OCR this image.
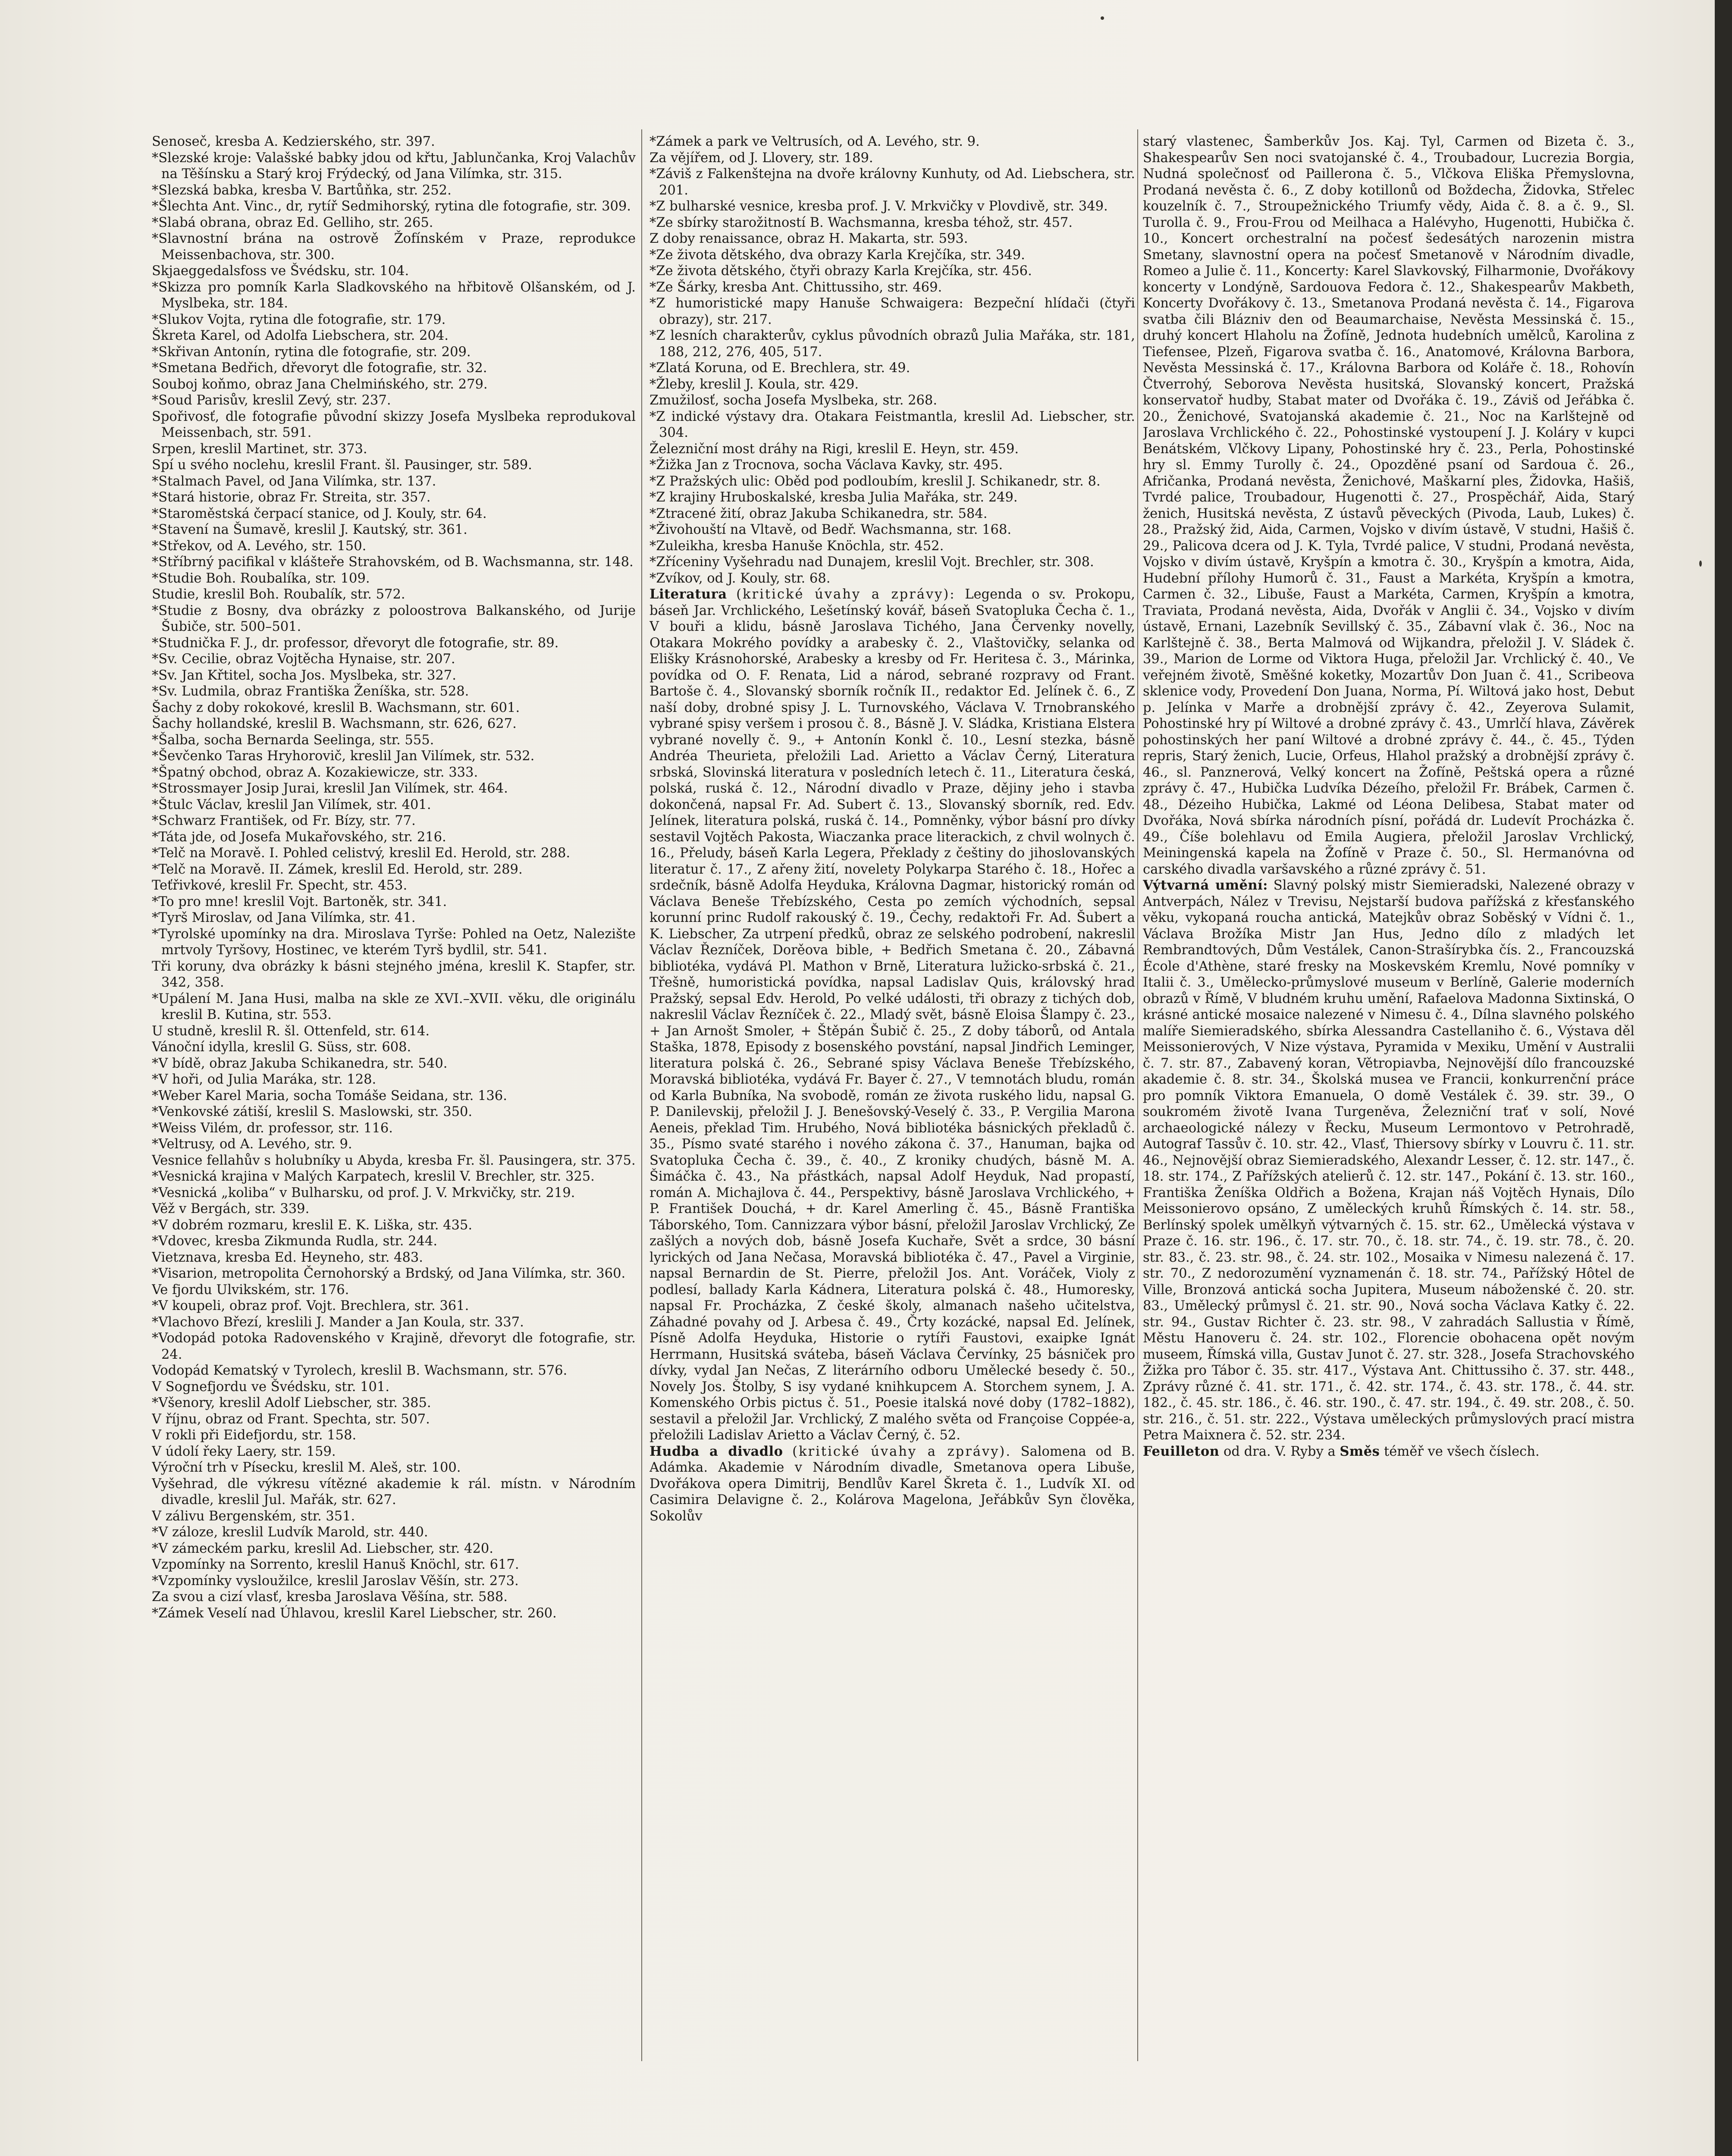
Senoseč, kresba A. Kedzierského, str. 397.

*Slezské kroje: Valašské babky jdou od křtu, Jablunčanka, Kroj Valachův na Těšínsku a Starý kroj Frýdecký, od Jana Vilímka, str. 315.

*Slezská babka, kresba V. Bartůňka, str. 252.

*Šlechta Ant. Vinc., dr, rytíř Sedmihorský, rytina dle fotografie, str. 309.

*Slabá obrana, obraz Ed. Gelliho, str. 265.

*Slavnostní brána na ostrově Žofínském v Praze, reprodukce Meissenbachova, str. 300.

Skjaeggedalsfoss ve Švédsku, str. 104.

*Skizza pro pomník Karla Sladkovského na hřbitově Olšanském, od J. Myslbeka, str. 184.

*Slukov Vojta, rytina dle fotografie, str. 179.

Škreta Karel, od Adolfa Liebschera, str. 204.

*Skřivan Antonín, rytina dle fotografie, str. 209.

*Smetana Bedřich, dřevoryt dle fotografie, str. 32.

Souboj koňmo, obraz Jana Chelmińského, str. 279.

*Soud Parisův, kreslil Zevý, str. 237.

Spořivosť, dle fotografie původní skizzy Josefa Myslbeka reprodukoval Meissenbach, str. 591.

Srpen, kreslil Martinet, str. 373.

Spí u svého noclehu, kreslil Frant. šl. Pausinger, str. 589.

*Stalmach Pavel, od Jana Vilímka, str. 137.

*Stará historie, obraz Fr. Streita, str. 357.

*Staroměstská čerpací stanice, od J. Kouly, str. 64.

*Stavení na Šumavě, kreslil J. Kautský, str. 361.

*Střekov, od A. Levého, str. 150.

*Stříbrný pacifikal v klášteře Strahovském, od B. Wachsmanna, str. 148.

*Studie Boh. Roubalíka, str. 109.

Studie, kreslil Boh. Roubalík, str. 572.

*Studie z Bosny, dva obrázky z poloostrova Balkanského, od Jurije Šubiče, str. 500–501.

*Studnička F. J., dr. professor, dřevoryt dle fotografie, str. 89.

*Sv. Cecilie, obraz Vojtěcha Hynaise, str. 207.

*Sv. Jan Křtitel, socha Jos. Myslbeka, str. 327.

*Sv. Ludmila, obraz Františka Ženíška, str. 528.

Šachy z doby rokokové, kreslil B. Wachsmann, str. 601.

Šachy hollandské, kreslil B. Wachsmann, str. 626, 627.

*Šalba, socha Bernarda Seelinga, str. 555.

*Ševčenko Taras Hryhorovič, kreslil Jan Vilímek, str. 532.

*Špatný obchod, obraz A. Kozakiewicze, str. 333.

*Strossmayer Josip Jurai, kreslil Jan Vilímek, str. 464.

*Štulc Václav, kreslil Jan Vilímek, str. 401.

*Schwarz František, od Fr. Bízy, str. 77.

*Táta jde, od Josefa Mukařovského, str. 216.

*Telč na Moravě. I. Pohled celistvý, kreslil Ed. Herold, str. 288.

*Telč na Moravě. II. Zámek, kreslil Ed. Herold, str. 289.

Teťřivkové, kreslil Fr. Specht, str. 453.

*To pro mne! kreslil Vojt. Bartoněk, str. 341.

*Tyrš Miroslav, od Jana Vilímka, str. 41.

*Tyrolské upomínky na dra. Miroslava Tyrše: Pohled na Oetz, Nalezište mrtvoly Tyršovy, Hostinec, ve kterém Tyrš bydlil, str. 541.

Tři koruny, dva obrázky k básni stejného jména, kreslil K. Stapfer, str. 342, 358.

*Upálení M. Jana Husi, malba na skle ze XVI.–XVII. věku, dle originálu kreslil B. Kutina, str. 553.

U studně, kreslil R. šl. Ottenfeld, str. 614.

Vánoční idylla, kreslil G. Süss, str. 608.

*V bídě, obraz Jakuba Schikanedra, str. 540.

*V hoři, od Julia Maráka, str. 128.

*Weber Karel Maria, socha Tomáše Seidana, str. 136.

*Venkovské zátiší, kreslil S. Maslowski, str. 350.

*Weiss Vilém, dr. professor, str. 116.

*Veltrusy, od A. Levého, str. 9.

Vesnice fellahův s holubníky u Abyda, kresba Fr. šl. Pausingera, str. 375.

*Vesnická krajina v Malých Karpatech, kreslil V. Brechler, str. 325.

*Vesnická „koliba“ v Bulharsku, od prof. J. V. Mrkvičky, str. 219.

Věž v Bergách, str. 339.

*V dobrém rozmaru, kreslil E. K. Liška, str. 435.

*Vdovec, kresba Zikmunda Rudla, str. 244.

Vietznava, kresba Ed. Heyneho, str. 483.

*Visarion, metropolita Černohorský a Brdský, od Jana Vilímka, str. 360.

Ve fjordu Ulvikském, str. 176.

*V koupeli, obraz prof. Vojt. Brechlera, str. 361.

*Vlachovo Březí, kreslili J. Mander a Jan Koula, str. 337.

*Vodopád potoka Radovenského v Krajině, dřevoryt dle fotografie, str. 24.

Vodopád Kematský v Tyrolech, kreslil B. Wachsmann, str. 576.

V Sognefjordu ve Švédsku, str. 101.

*Všenory, kreslil Adolf Liebscher, str. 385.

V říjnu, obraz od Frant. Spechta, str. 507.

V rokli při Eidefjordu, str. 158.

V údolí řeky Laery, str. 159.

Výroční trh v Písecku, kreslil M. Aleš, str. 100.

Vyšehrad, dle výkresu vítězné akademie k rál. místn. v Národním divadle, kreslil Jul. Mařák, str. 627.

V zálivu Bergenském, str. 351.

*V záloze, kreslil Ludvík Marold, str. 440.

*V zámeckém parku, kreslil Ad. Liebscher, str. 420.

Vzpomínky na Sorrento, kreslil Hanuš Knöchl, str. 617.

*Vzpomínky vysloužilce, kreslil Jaroslav Věšín, str. 273.

Za svou a cizí vlasť, kresba Jaroslava Věšína, str. 588.

*Zámek Veselí nad Úhlavou, kreslil Karel Liebscher, str. 260.

*Zámek a park ve Veltrusích, od A. Levého, str. 9.

Za vějířem, od J. Llovery, str. 189.

*Záviš z Falkenštejna na dvoře královny Kunhuty, od Ad. Liebschera, str. 201.

*Z bulharské vesnice, kresba prof. J. V. Mrkvičky v Plovdivě, str. 349.

*Ze sbírky starožitností B. Wachsmanna, kresba téhož, str. 457.

Z doby renaissance, obraz H. Makarta, str. 593.

*Ze života dětského, dva obrazy Karla Krejčíka, str. 349.

*Ze života dětského, čtyři obrazy Karla Krejčíka, str. 456.

*Ze Šárky, kresba Ant. Chittussiho, str. 469.

*Z humoristické mapy Hanuše Schwaigera: Bezpeční hlídači (čtyři obrazy), str. 217.

*Z lesních charakterův, cyklus původních obrazů Julia Mařáka, str. 181, 188, 212, 276, 405, 517.

*Zlatá Koruna, od E. Brechlera, str. 49.

*Žleby, kreslil J. Koula, str. 429.

Zmužilosť, socha Josefa Myslbeka, str. 268.

*Z indické výstavy dra. Otakara Feistmantla, kreslil Ad. Liebscher, str. 304.

Železniční most dráhy na Rigi, kreslil E. Heyn, str. 459.

*Žižka Jan z Trocnova, socha Václava Kavky, str. 495.

*Z Pražských ulic: Oběd pod podloubím, kreslil J. Schikanedr, str. 8.

*Z krajiny Hruboskalské, kresba Julia Mařáka, str. 249.

*Ztracené žití, obraz Jakuba Schikanedra, str. 584.

*Živohouští na Vltavě, od Bedř. Wachsmanna, str. 168.

*Zuleikha, kresba Hanuše Knöchla, str. 452.

*Zříceniny Vyšehradu nad Dunajem, kreslil Vojt. Brechler, str. 308.

*Zvíkov, od J. Kouly, str. 68.

Literatura (kritické úvahy a zprávy): Legenda o sv. Prokopu, báseň Jar. Vrchlického, Lešetínský kovář, báseň Svatopluka Čecha č. 1., V bouři a klidu, básně Jaroslava Tichého, Jana Červenky novelly, Otakara Mokrého povídky a arabesky č. 2., Vlaštovičky, selanka od Elišky Krásnohorské, Arabesky a kresby od Fr. Heritesa č. 3., Márinka, povídka od O. F. Renata, Lid a národ, sebrané rozpravy od Frant. Bartoše č. 4., Slovanský sborník ročník II., redaktor Ed. Jelínek č. 6., Z naší doby, drobné spisy J. L. Turnovského, Václava V. Trnobranského vybrané spisy veršem i prosou č. 8., Básně J. V. Sládka, Kristiana Elstera vybrané novelly č. 9., + Antonín Konkl č. 10., Lesní stezka, básně Andréa Theurieta, přeložili Lad. Arietto a Václav Černý, Literatura srbská, Slovinská literatura v posledních letech č. 11., Literatura česká, polská, ruská č. 12., Národní divadlo v Praze, dějiny jeho i stavba dokončená, napsal Fr. Ad. Subert č. 13., Slovanský sborník, red. Edv. Jelínek, literatura polská, ruská č. 14., Pomněnky, výbor básní pro dívky sestavil Vojtěch Pakosta, Wiaczanka prace literackich, z chvil wolnych č. 16., Přeludy, báseň Karla Legera, Překlady z češtiny do jihoslovanských literatur č. 17., Z ařeny žití, novelety Polykarpa Starého č. 18., Hořec a srdečník, básně Adolfa Heyduka, Královna Dagmar, historický román od Václava Beneše Třebízského, Cesta po zemích východních, sepsal korunní princ Rudolf rakouský č. 19., Čechy, redaktoři Fr. Ad. Šubert a K. Liebscher, Za utrpení předků, obraz ze selského podrobení, nakreslil Václav Řezníček, Dorěova bible, + Bedřich Smetana č. 20., Zábavná bibliotéka, vydává Pl. Mathon v Brně, Literatura lužicko-srbská č. 21., Třešně, humoristická povídka, napsal Ladislav Quis, královský hrad Pražský, sepsal Edv. Herold, Po velké události, tři obrazy z tichých dob, nakreslil Václav Řezníček č. 22., Mladý svět, básně Eloisa Šlampy č. 23., + Jan Arnošt Smoler, + Štěpán Šubič č. 25., Z doby táborů, od Antala Staška, 1878, Episody z bosenského povstání, napsal Jindřich Leminger, literatura polská č. 26., Sebrané spisy Václava Beneše Třebízského, Moravská bibliotéka, vydává Fr. Bayer č. 27., V temnotách bludu, román od Karla Bubníka, Na svobodě, román ze života ruského lidu, napsal G. P. Danilevskij, přeložil J. J. Benešovský-Veselý č. 33., P. Vergilia Marona Aeneis, překlad Tim. Hrubého, Nová bibliotéka básnických překladů č. 35., Písmo svaté starého i nového zákona č. 37., Hanuman, bajka od Svatopluka Čecha č. 39., č. 40., Z kroniky chudých, básně M. A. Šimáčka č. 43., Na přástkách, napsal Adolf Heyduk, Nad propastí, román A. Michajlova č. 44., Perspektivy, básně Jaroslava Vrchlického, + P. František Douchá, + dr. Karel Amerling č. 45., Básně Františka Táborského, Tom. Cannizzara výbor básní, přeložil Jaroslav Vrchlický, Ze zašlých a nových dob, básně Josefa Kuchaře, Svět a srdce, 30 básní lyrických od Jana Nečasa, Moravská bibliotéka č. 47., Pavel a Virginie, napsal Bernardin de St. Pierre, přeložil Jos. Ant. Voráček, Violy z podlesí, ballady Karla Kádnera, Literatura polská č. 48., Humoresky, napsal Fr. Procházka, Z české školy, almanach našeho učitelstva, Záhadné povahy od J. Arbesa č. 49., Črty kozácké, napsal Ed. Jelínek, Písně Adolfa Heyduka, Historie o rytíři Faustovi, exaipke Ignát Herrmann, Husitská sváteba, báseň Václava Červínky, 25 básniček pro dívky, vydal Jan Nečas, Z literárního odboru Umělecké besedy č. 50., Novely Jos. Štolby, S isy vydané knihkupcem A. Storchem synem, J. A. Komenského Orbis pictus č. 51., Poesie italská nové doby (1782–1882), sestavil a přeložil Jar. Vrchlický, Z malého světa od Françoise Coppée-a, přeložili Ladislav Arietto a Václav Černý, č. 52.

Hudba a divadlo (kritické úvahy a zprávy). Salomena od B. Adámka. Akademie v Národním divadle, Smetanova opera Libuše, Dvořákova opera Dimitrij, Bendlův Karel Škreta č. 1., Ludvík XI. od Casimira Delavigne č. 2., Kolárova Magelona, Jeřábkův Syn člověka, Sokolův

starý vlastenec, Šamberkův Jos. Kaj. Tyl, Carmen od Bizeta č. 3., Shakespearův Sen noci svatojanské č. 4., Troubadour, Lucrezia Borgia, Nudná společnosť od Paillerona č. 5., Vlčkova Eliška Přemyslovna, Prodaná nevěsta č. 6., Z doby kotillonů od Boždecha, Židovka, Střelec kouzelník č. 7., Stroupežnického Triumfy vědy, Aida č. 8. a č. 9., Sl. Turolla č. 9., Frou-Frou od Meilhaca a Halévyho, Hugenotti, Hubička č. 10., Koncert orchestralní na počesť šedesátých narozenin mistra Smetany, slavnostní opera na počesť Smetanově v Národním divadle, Romeo a Julie č. 11., Koncerty: Karel Slavkovský, Filharmonie, Dvořákovy koncerty v Londýně, Sardouova Fedora č. 12., Shakespearův Makbeth, Koncerty Dvořákovy č. 13., Smetanova Prodaná nevěsta č. 14., Figarova svatba čili Blázniv den od Beaumarchaise, Nevěsta Messinská č. 15., druhý koncert Hlaholu na Žofíně, Jednota hudebních umělců, Karolina z Tiefensee, Plzeň, Figarova svatba č. 16., Anatomové, Královna Barbora, Nevěsta Messinská č. 17., Královna Barbora od Koláře č. 18., Rohovín Čtverrohý, Seborova Nevěsta husitská, Slovanský koncert, Pražská konservatoř hudby, Stabat mater od Dvořáka č. 19., Záviš od Jeřábka č. 20., Ženichové, Svatojanská akademie č. 21., Noc na Karlštejně od Jaroslava Vrchlického č. 22., Pohostinské vystoupení J. J. Koláry v kupci Benátském, Vlčkovy Lipany, Pohostinské hry č. 23., Perla, Pohostinské hry sl. Emmy Turolly č. 24., Opozděné psaní od Sardoua č. 26., Afričanka, Prodaná nevěsta, Ženichové, Maškarní ples, Židovka, Hašiš, Tvrdé palice, Troubadour, Hugenotti č. 27., Prospěchář, Aida, Starý ženich, Husitská nevěsta, Z ústavů pěveckých (Pivoda, Laub, Lukes) č. 28., Pražský žid, Aida, Carmen, Vojsko v divím ústavě, V studni, Hašiš č. 29., Palicova dcera od J. K. Tyla, Tvrdé palice, V studni, Prodaná nevěsta, Vojsko v divím ústavě, Kryšpín a kmotra č. 30., Kryšpín a kmotra, Aida, Hudební přílohy Humorů č. 31., Faust a Markéta, Kryšpín a kmotra, Carmen č. 32., Libuše, Faust a Markéta, Carmen, Kryšpín a kmotra, Traviata, Prodaná nevěsta, Aida, Dvořák v Anglii č. 34., Vojsko v divím ústavě, Ernani, Lazebník Sevillský č. 35., Zábavní vlak č. 36., Noc na Karlštejně č. 38., Berta Malmová od Wijkandra, přeložil J. V. Sládek č. 39., Marion de Lorme od Viktora Huga, přeložil Jar. Vrchlický č. 40., Ve veřejném životě, Směšné koketky, Mozartův Don Juan č. 41., Scribeova sklenice vody, Provedení Don Juana, Norma, Pí. Wiltová jako host, Debut p. Jelínka v Marře a drobnější zprávy č. 42., Zeyerova Sulamit, Pohostinské hry pí Wiltové a drobné zprávy č. 43., Umrlčí hlava, Závěrek pohostinských her paní Wiltové a drobné zprávy č. 44., č. 45., Týden repris, Starý ženich, Lucie, Orfeus, Hlahol pražský a drobnější zprávy č. 46., sl. Panznerová, Velký koncert na Žofíně, Peštská opera a různé zprávy č. 47., Hubička Ludvíka Dézeího, přeložil Fr. Brábek, Carmen č. 48., Dézeiho Hubička, Lakmé od Léona Delibesa, Stabat mater od Dvořáka, Nová sbírka národních písní, pořádá dr. Ludevít Procházka č. 49., Číše bolehlavu od Emila Augiera, přeložil Jaroslav Vrchlický, Meiningenská kapela na Žofíně v Praze č. 50., Sl. Hermanóvna od carského divadla varšavského a různé zprávy č. 51.

Výtvarná umění: Slavný polský mistr Siemieradski, Nalezené obrazy v Antverpách, Nález v Trevisu, Nejstarší budova pařížská z křesťanského věku, vykopaná roucha antická, Matejkův obraz Soběský v Vídni č. 1., Václava Brožíka Mistr Jan Hus, Jedno dílo z mladých let Rembrandtových, Dům Vestálek, Canon-Strašírybka čís. 2., Francouzská École d'Athène, staré fresky na Moskevském Kremlu, Nové pomníky v Italii č. 3., Umělecko-průmyslové museum v Berlíně, Galerie moderních obrazů v Římě, V bludném kruhu umění, Rafaelova Madonna Sixtinská, O krásné antické mosaice nalezené v Nimesu č. 4., Dílna slavného polského malíře Siemieradského, sbírka Alessandra Castellaniho č. 6., Výstava děl Meissonierových, V Nize výstava, Pyramida v Mexiku, Umění v Australii č. 7. str. 87., Zabavený koran, Větropiavba, Nejnovější dílo francouzské akademie č. 8. str. 34., Školská musea ve Francii, konkurrenční práce pro pomník Viktora Emanuela, O domě Vestálek č. 39. str. 39., O soukromém životě Ivana Turgeněva, Železniční trať v solí, Nové archaeologické nálezy v Řecku, Museum Lermontovo v Petrohradě, Autograf Tassův č. 10. str. 42., Vlasť, Thiersovy sbírky v Louvru č. 11. str. 46., Nejnovější obraz Siemieradského, Alexandr Lesser, č. 12. str. 147., č. 18. str. 174., Z Pařížských atelierů č. 12. str. 147., Pokání č. 13. str. 160., Františka Ženíška Oldřich a Božena, Krajan náš Vojtěch Hynais, Dílo Meissonierovo opsáno, Z uměleckých kruhů Římských č. 14. str. 58., Berlínský spolek umělkyň výtvarných č. 15. str. 62., Umělecká výstava v Praze č. 16. str. 196., č. 17. str. 70., č. 18. str. 74., č. 19. str. 78., č. 20. str. 83., č. 23. str. 98., č. 24. str. 102., Mosaika v Nimesu nalezená č. 17. str. 70., Z nedorozumění vyznamenán č. 18. str. 74., Pařížský Hôtel de Ville, Bronzová antická socha Jupitera, Museum náboženské č. 20. str. 83., Umělecký průmysl č. 21. str. 90., Nová socha Václava Katky č. 22. str. 94., Gustav Richter č. 23. str. 98., V zahradách Sallustia v Římě, Městu Hanoveru č. 24. str. 102., Florencie obohacena opět novým museem, Římská villa, Gustav Junot č. 27. str. 328., Josefa Strachovského Žižka pro Tábor č. 35. str. 417., Výstava Ant. Chittussiho č. 37. str. 448., Zprávy různé č. 41. str. 171., č. 42. str. 174., č. 43. str. 178., č. 44. str. 182., č. 45. str. 186., č. 46. str. 190., č. 47. str. 194., č. 49. str. 208., č. 50. str. 216., č. 51. str. 222., Výstava uměleckých průmyslových prací mistra Petra Maixnera č. 52. str. 234.

Feuilleton od dra. V. Ryby a Směs téměř ve všech číslech.
